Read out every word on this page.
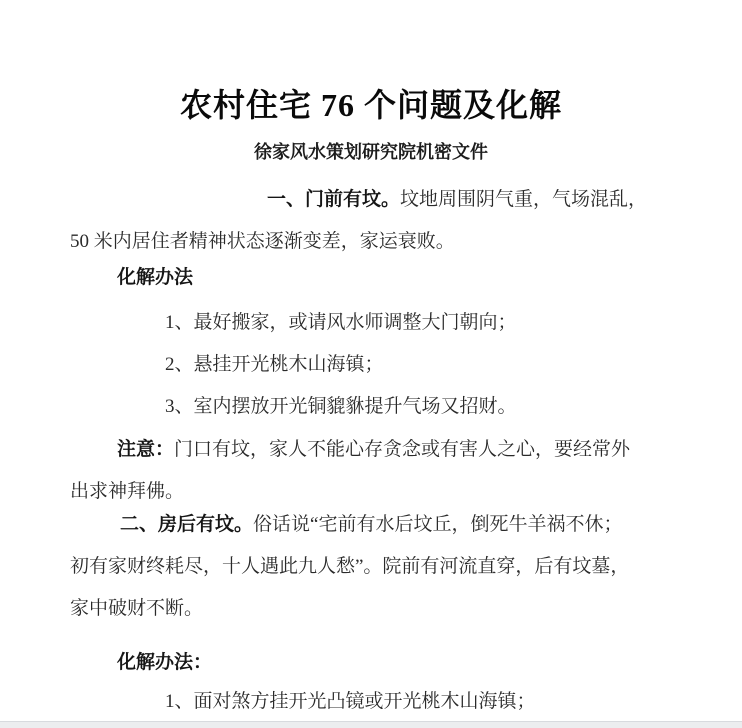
农村住宅 76 个问题及化解
徐家风水策划研究院机密文件
一、门前有坟。坟地周围阴气重，气场混乱，
50 米内居住者精神状态逐渐变差，家运衰败。
化解办法
1、最好搬家，或请风水师调整大门朝向；
2、悬挂开光桃木山海镇；
3、室内摆放开光铜貔貅提升气场又招财。
注意：门口有坟，家人不能心存贪念或有害人之心，要经常外
出求神拜佛。
二、房后有坟。俗话说“宅前有水后坟丘，倒死牛羊祸不休；
初有家财终耗尽，十人遇此九人愁”。院前有河流直穿，后有坟墓，
家中破财不断。
化解办法：
1、面对煞方挂开光凸镜或开光桃木山海镇；
